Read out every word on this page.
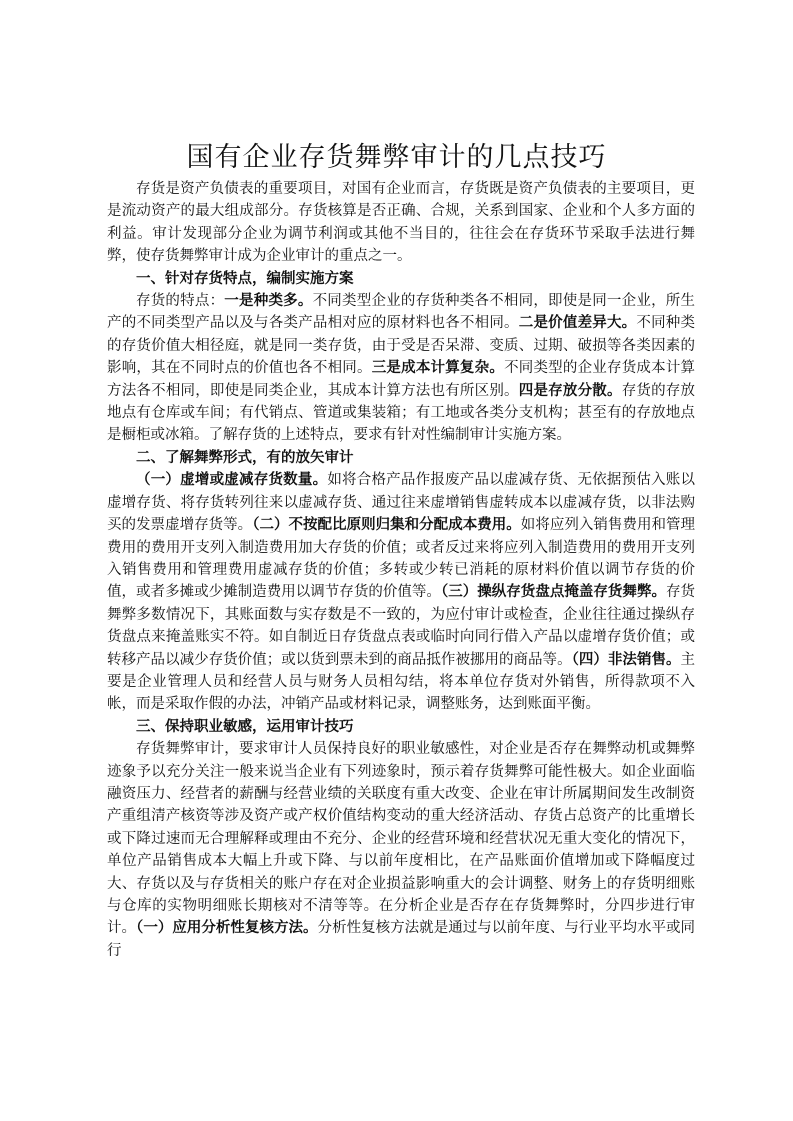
国有企业存货舞弊审计的几点技巧

存货是资产负债表的重要项目，对国有企业而言，存货既是资产负债表的主要项目，更是流动资产的最大组成部分。存货核算是否正确、合规，关系到国家、企业和个人多方面的利益。审计发现部分企业为调节利润或其他不当目的，往往会在存货环节采取手法进行舞弊，使存货舞弊审计成为企业审计的重点之一。

一、针对存货特点，编制实施方案

存货的特点：一是种类多。不同类型企业的存货种类各不相同，即使是同一企业，所生产的不同类型产品以及与各类产品相对应的原材料也各不相同。二是价值差异大。不同种类的存货价值大相径庭，就是同一类存货，由于受是否呆滞、变质、过期、破损等各类因素的影响，其在不同时点的价值也各不相同。三是成本计算复杂。不同类型的企业存货成本计算方法各不相同，即使是同类企业，其成本计算方法也有所区别。四是存放分散。存货的存放地点有仓库或车间；有代销点、管道或集装箱；有工地或各类分支机构；甚至有的存放地点是橱柜或冰箱。了解存货的上述特点，要求有针对性编制审计实施方案。

二、了解舞弊形式，有的放矢审计

（一）虚增或虚减存货数量。如将合格产品作报废产品以虚减存货、无依据预估入账以虚增存货、将存货转列往来以虚减存货、通过往来虚增销售虚转成本以虚减存货，以非法购买的发票虚增存货等。（二）不按配比原则归集和分配成本费用。如将应列入销售费用和管理费用的费用开支列入制造费用加大存货的价值；或者反过来将应列入制造费用的费用开支列入销售费用和管理费用虚减存货的价值；多转或少转已消耗的原材料价值以调节存货的价值，或者多摊或少摊制造费用以调节存货的价值等。（三）操纵存货盘点掩盖存货舞弊。存货舞弊多数情况下，其账面数与实存数是不一致的，为应付审计或检查，企业往往通过操纵存货盘点来掩盖账实不符。如自制近日存货盘点表或临时向同行借入产品以虚增存货价值；或转移产品以减少存货价值；或以货到票未到的商品抵作被挪用的商品等。（四）非法销售。主要是企业管理人员和经营人员与财务人员相勾结，将本单位存货对外销售，所得款项不入帐，而是采取作假的办法，冲销产品或材料记录，调整账务，达到账面平衡。

三、保持职业敏感，运用审计技巧

存货舞弊审计，要求审计人员保持良好的职业敏感性，对企业是否存在舞弊动机或舞弊迹象予以充分关注一般来说当企业有下列迹象时，预示着存货舞弊可能性极大。如企业面临融资压力、经营者的薪酬与经营业绩的关联度有重大改变、企业在审计所属期间发生改制资产重组清产核资等涉及资产或产权价值结构变动的重大经济活动、存货占总资产的比重增长或下降过速而无合理解释或理由不充分、企业的经营环境和经营状况无重大变化的情况下，单位产品销售成本大幅上升或下降、与以前年度相比，在产品账面价值增加或下降幅度过大、存货以及与存货相关的账户存在对企业损益影响重大的会计调整、财务上的存货明细账与仓库的实物明细账长期核对不清等等。在分析企业是否存在存货舞弊时，分四步进行审计。（一）应用分析性复核方法。分析性复核方法就是通过与以前年度、与行业平均水平或同行
